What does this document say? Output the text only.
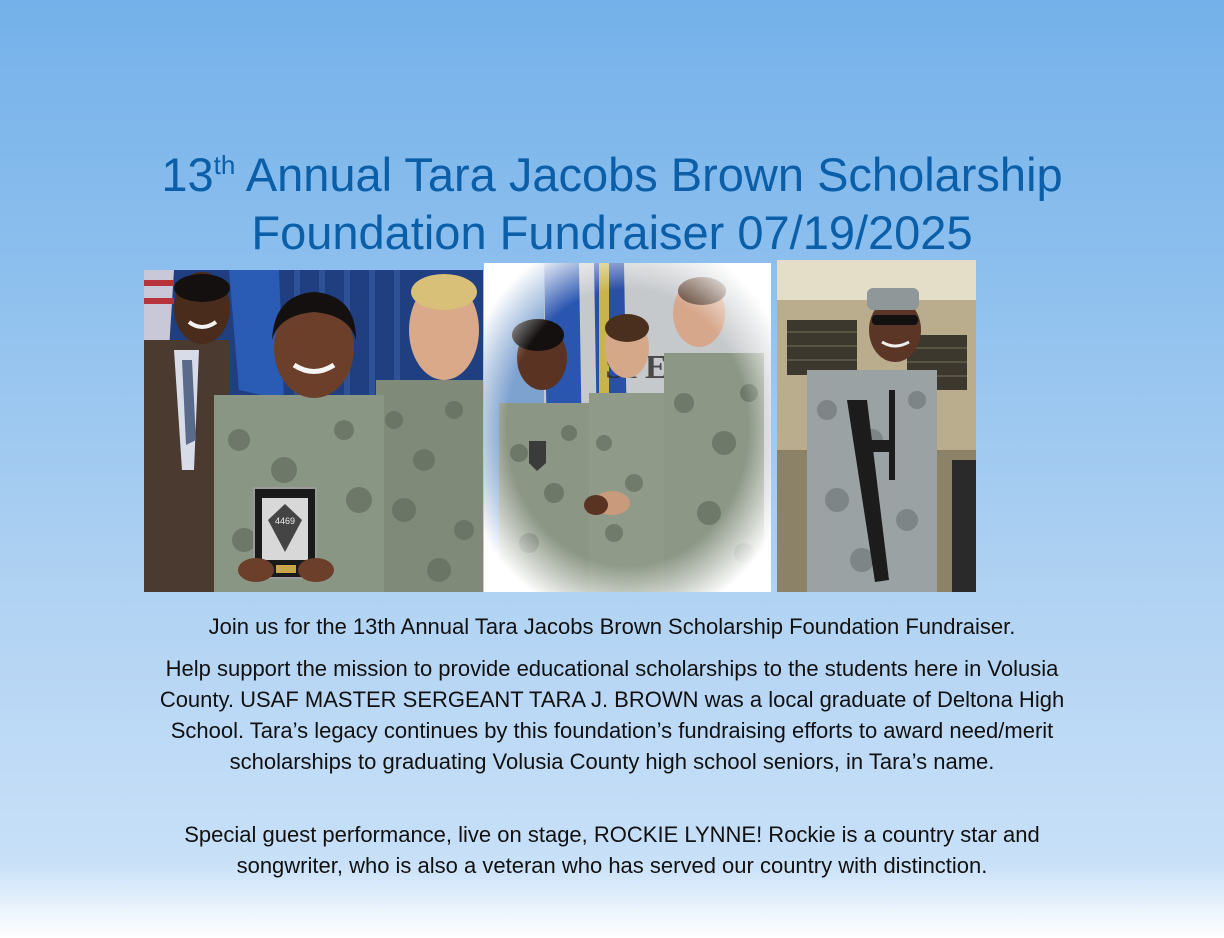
13th Annual Tara Jacobs Brown Scholarship
Foundation Fundraiser 07/19/2025
4469

Join us for the 13th Annual Tara Jacobs Brown Scholarship Foundation Fundraiser.

Help support the mission to provide educational scholarships to the students here in Volusia County. USAF MASTER SERGEANT TARA J. BROWN was a local graduate of Deltona High School. Tara’s legacy continues by this foundation’s fundraising efforts to award need/merit scholarships to graduating Volusia County high school seniors, in Tara’s name.

Special guest performance, live on stage, ROCKIE LYNNE! Rockie is a country star and songwriter, who is also a veteran who has served our country with distinction.
